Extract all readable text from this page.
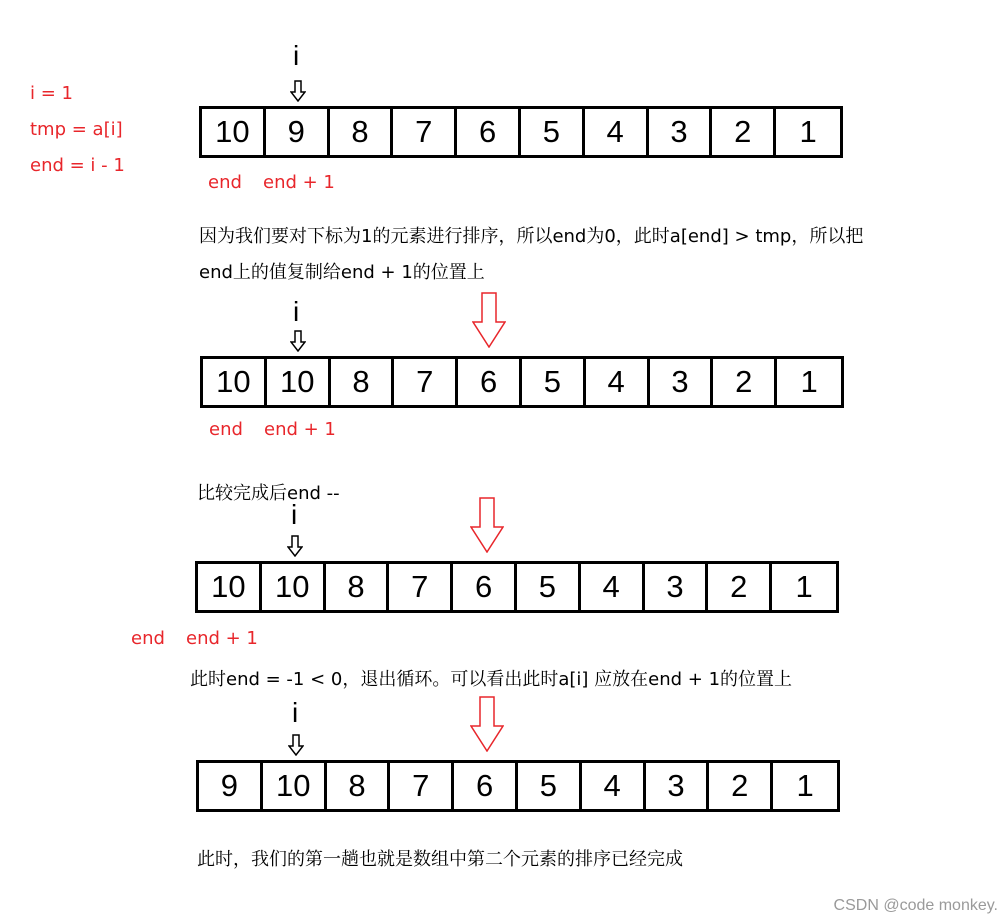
i = 1
tmp = a[i]
end = i - 1
i
10	9	8	7	6	5	4	3	2	1
end end + 1
因为我们要对下标为1的元素进行排序，所以end为0，此时a[end] > tmp，所以把
end上的值复制给end + 1的位置上
i
10 10	8	7	6	5	4	3	2	1
end end + 1
比较完成后end --
i
10 10	8	7	6	5	4	3	2	1
end end + 1
此时end = -1 < 0，退出循环。可以看出此时a[i] 应放在end + 1的位置上
i
9	10	8	7	6	5	4	3	2	1
此时，我们的第一趟也就是数组中第二个元素的排序已经完成
CSDN @code monkey.
